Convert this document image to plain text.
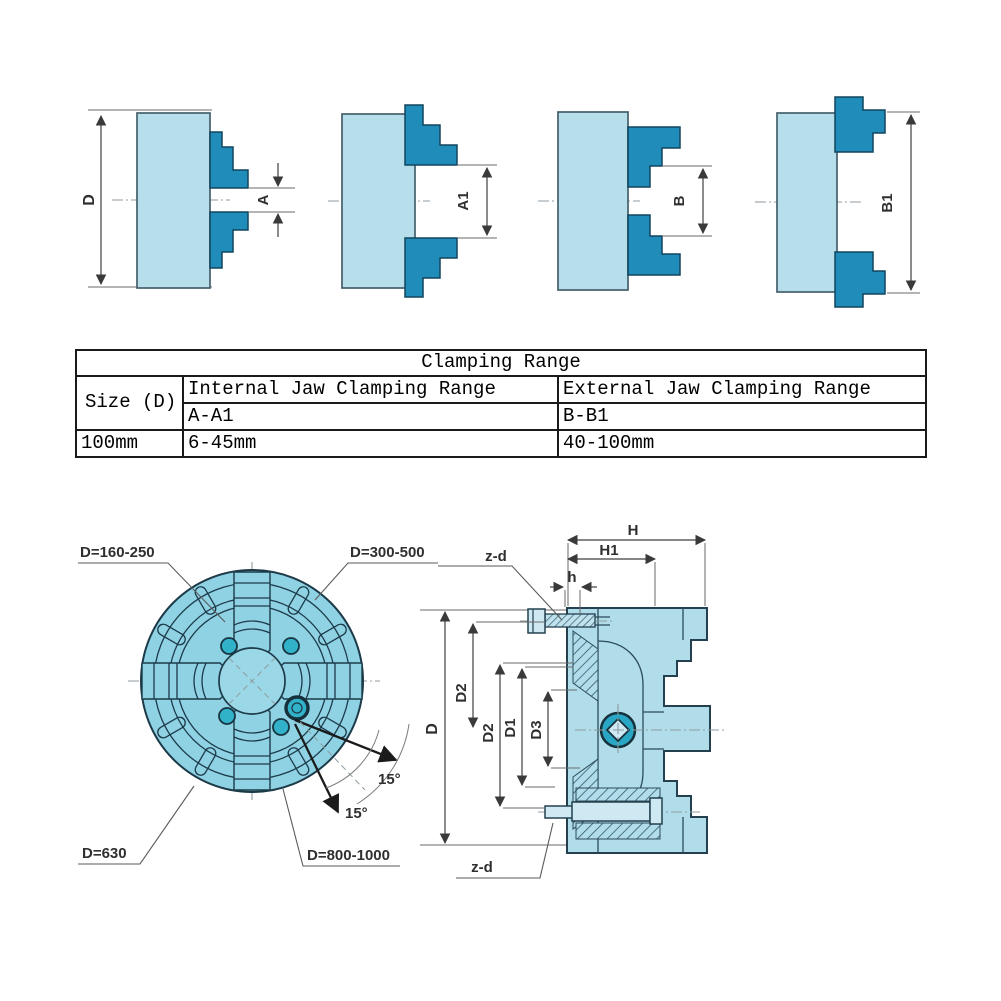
D	A	A1	B	B1
D=160-250	D=300-500
D=630	D=800-1000
15°
15°
H
H1
h
z-d
z-d
D
D2
D2 D1 D3
Clamping Range		
Size (D)	Internal Jaw Clamping Range	External Jaw Clamping Range
	A-A1	B-B1
100mm	6-45mm	40-100mm
